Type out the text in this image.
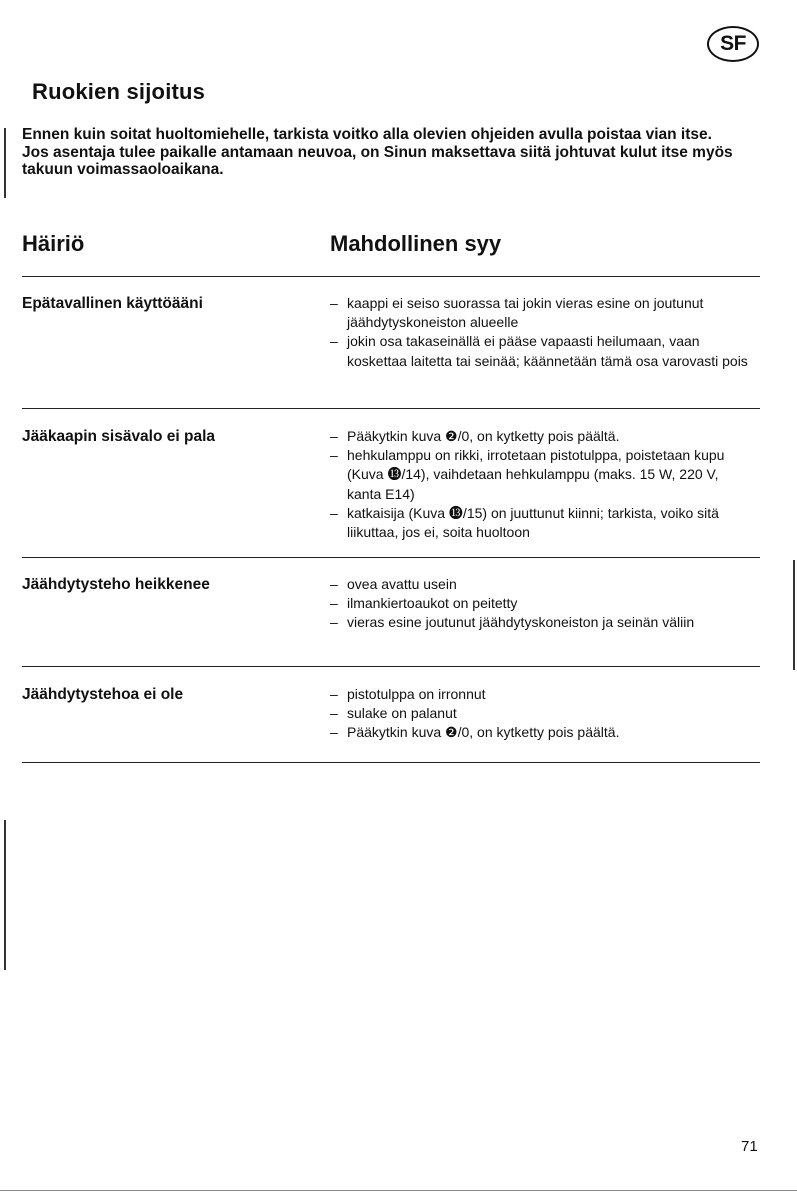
SF
Ruokien sijoitus

Ennen kuin soitat huoltomiehelle, tarkista voitko alla olevien ohjeiden avulla poistaa vian itse.

Jos asentaja tulee paikalle antamaan neuvoa, on Sinun maksettava siitä johtuvat kulut itse myös takuun voimassaoloaikana.

Häiriö	Mahdollinen syy
Epätavallinen käyttöääni	– kaappi ei seiso suorassa tai jokin vieras esine on joutunut jäähdytyskoneiston alueelle
– jokin osa takaseinällä ei pääse vapaasti heilumaan, vaan koskettaa laitetta tai seinää; käännetään tämä osa varovasti pois
Jääkaapin sisävalo ei pala	– Pääkytkin kuva ❷/0, on kytketty pois päältä.
– hehkulamppu on rikki, irrotetaan pistotulppa, poistetaan kupu (Kuva ⓭/14), vaihdetaan hehkulamppu (maks. 15 W, 220 V, kanta E14)
– katkaisija (Kuva ⓭/15) on juuttunut kiinni; tarkista, voiko sitä liikuttaa, jos ei, soita huoltoon
Jäähdytysteho heikkenee	– ovea avattu usein
– ilmankiertoaukot on peitetty
– vieras esine joutunut jäähdytyskoneiston ja seinän väliin
Jäähdytystehoa ei ole	– pistotulppa on irronnut
– sulake on palanut
– Pääkytkin kuva ❷/0, on kytketty pois päältä.
71
